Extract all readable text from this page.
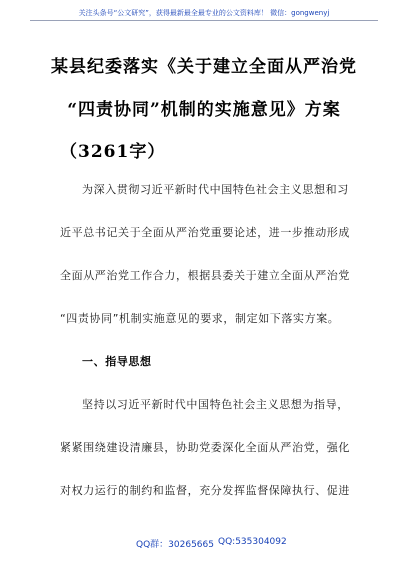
关注头条号“公文研究”，获得最新最全最专业的公文资料库！ 微信：gongwenyj
某县纪委落实《关于建立全面从严治党
“四责协同”机制的实施意见》方案
（3261字）
为深入贯彻习近平新时代中国特色社会主义思想和习
近平总书记关于全面从严治党重要论述，进一步推动形成
全面从严治党工作合力，根据县委关于建立全面从严治党
“四责协同”机制实施意见的要求，制定如下落实方案。
一、指导思想
坚持以习近平新时代中国特色社会主义思想为指导，
紧紧围绕建设清廉县，协助党委深化全面从严治党，强化
对权力运行的制约和监督，充分发挥监督保障执行、促进
QQ群：30265665 QQ:535304092
